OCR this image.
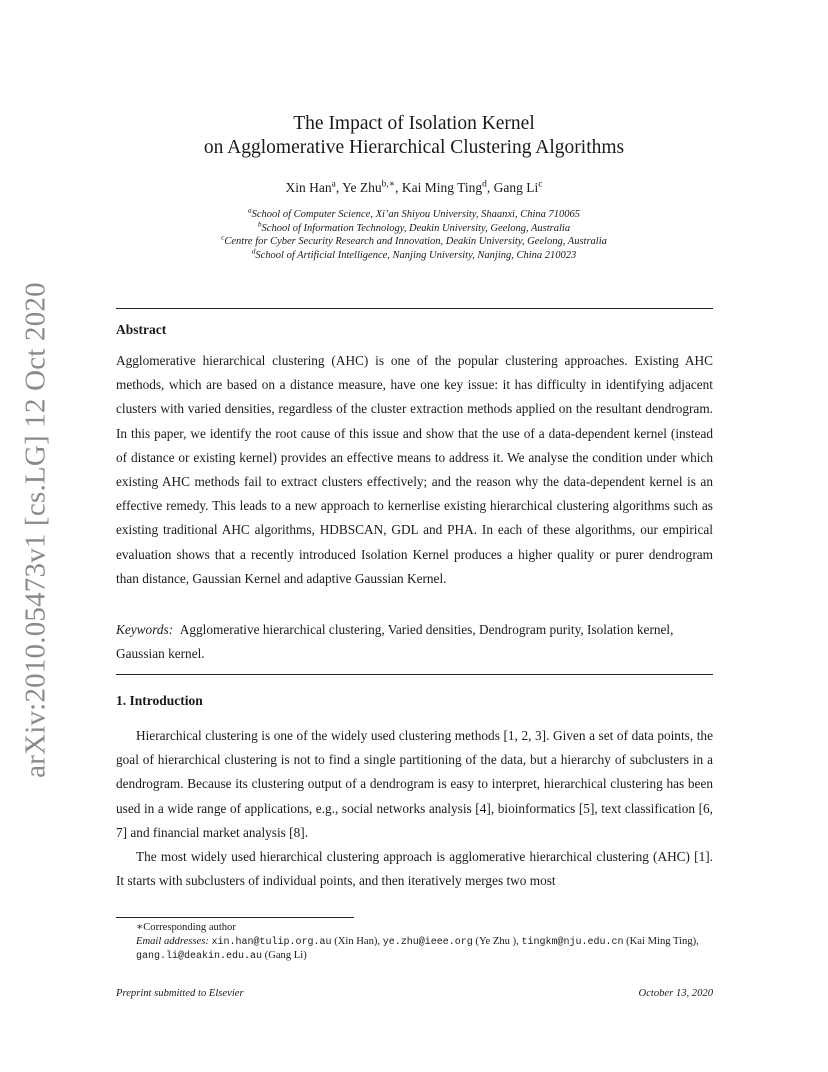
arXiv:2010.05473v1 [cs.LG] 12 Oct 2020
The Impact of Isolation Kernel
on Agglomerative Hierarchical Clustering Algorithms
Xin Han$^a$, Ye Zhu$^{b,∗}$, Kai Ming Ting$^d$, Gang Li$^c$
$^a$School of Computer Science, Xi’an Shiyou University, Shaanxi, China 710065
$^b$School of Information Technology, Deakin University, Geelong, Australia
$^c$Centre for Cyber Security Research and Innovation, Deakin University, Geelong, Australia
$^d$School of Artificial Intelligence, Nanjing University, Nanjing, China 210023
Abstract
Agglomerative hierarchical clustering (AHC) is one of the popular clustering approaches. Existing AHC methods, which are based on a distance measure, have one key issue: it has difficulty in identifying adjacent clusters with varied densities, regardless of the cluster extraction methods applied on the resultant dendrogram. In this paper, we identify the root cause of this issue and show that the use of a data-dependent kernel (instead of distance or existing kernel) provides an effective means to address it. We analyse the condition under which existing AHC methods fail to extract clusters effectively; and the reason why the data-dependent kernel is an effective remedy. This leads to a new approach to kernerlise existing hierarchical clustering algorithms such as existing traditional AHC algorithms, HDBSCAN, GDL and PHA. In each of these algorithms, our empirical evaluation shows that a recently introduced Isolation Kernel produces a higher quality or purer dendrogram than distance, Gaussian Kernel and adaptive Gaussian Kernel.
Keywords: Agglomerative hierarchical clustering, Varied densities, Dendrogram purity, Isolation kernel, Gaussian kernel.
1. Introduction

Hierarchical clustering is one of the widely used clustering methods [1, 2, 3]. Given a set of data points, the goal of hierarchical clustering is not to find a single partitioning of the data, but a hierarchy of subclusters in a dendrogram. Because its clustering output of a dendrogram is easy to interpret, hierarchical clustering has been used in a wide range of applications, e.g., social networks analysis [4], bioinformatics [5], text classification [6, 7] and financial market analysis [8].

The most widely used hierarchical clustering approach is agglomerative hierarchical clustering (AHC) [1]. It starts with subclusters of individual points, and then iteratively merges two most

∗Corresponding author
Email addresses: xin.han@tulip.org.au (Xin Han), ye.zhu@ieee.org (Ye Zhu ), tingkm@nju.edu.cn (Kai Ming Ting), gang.li@deakin.edu.au (Gang Li)
Preprint submitted to Elsevier	October 13, 2020
